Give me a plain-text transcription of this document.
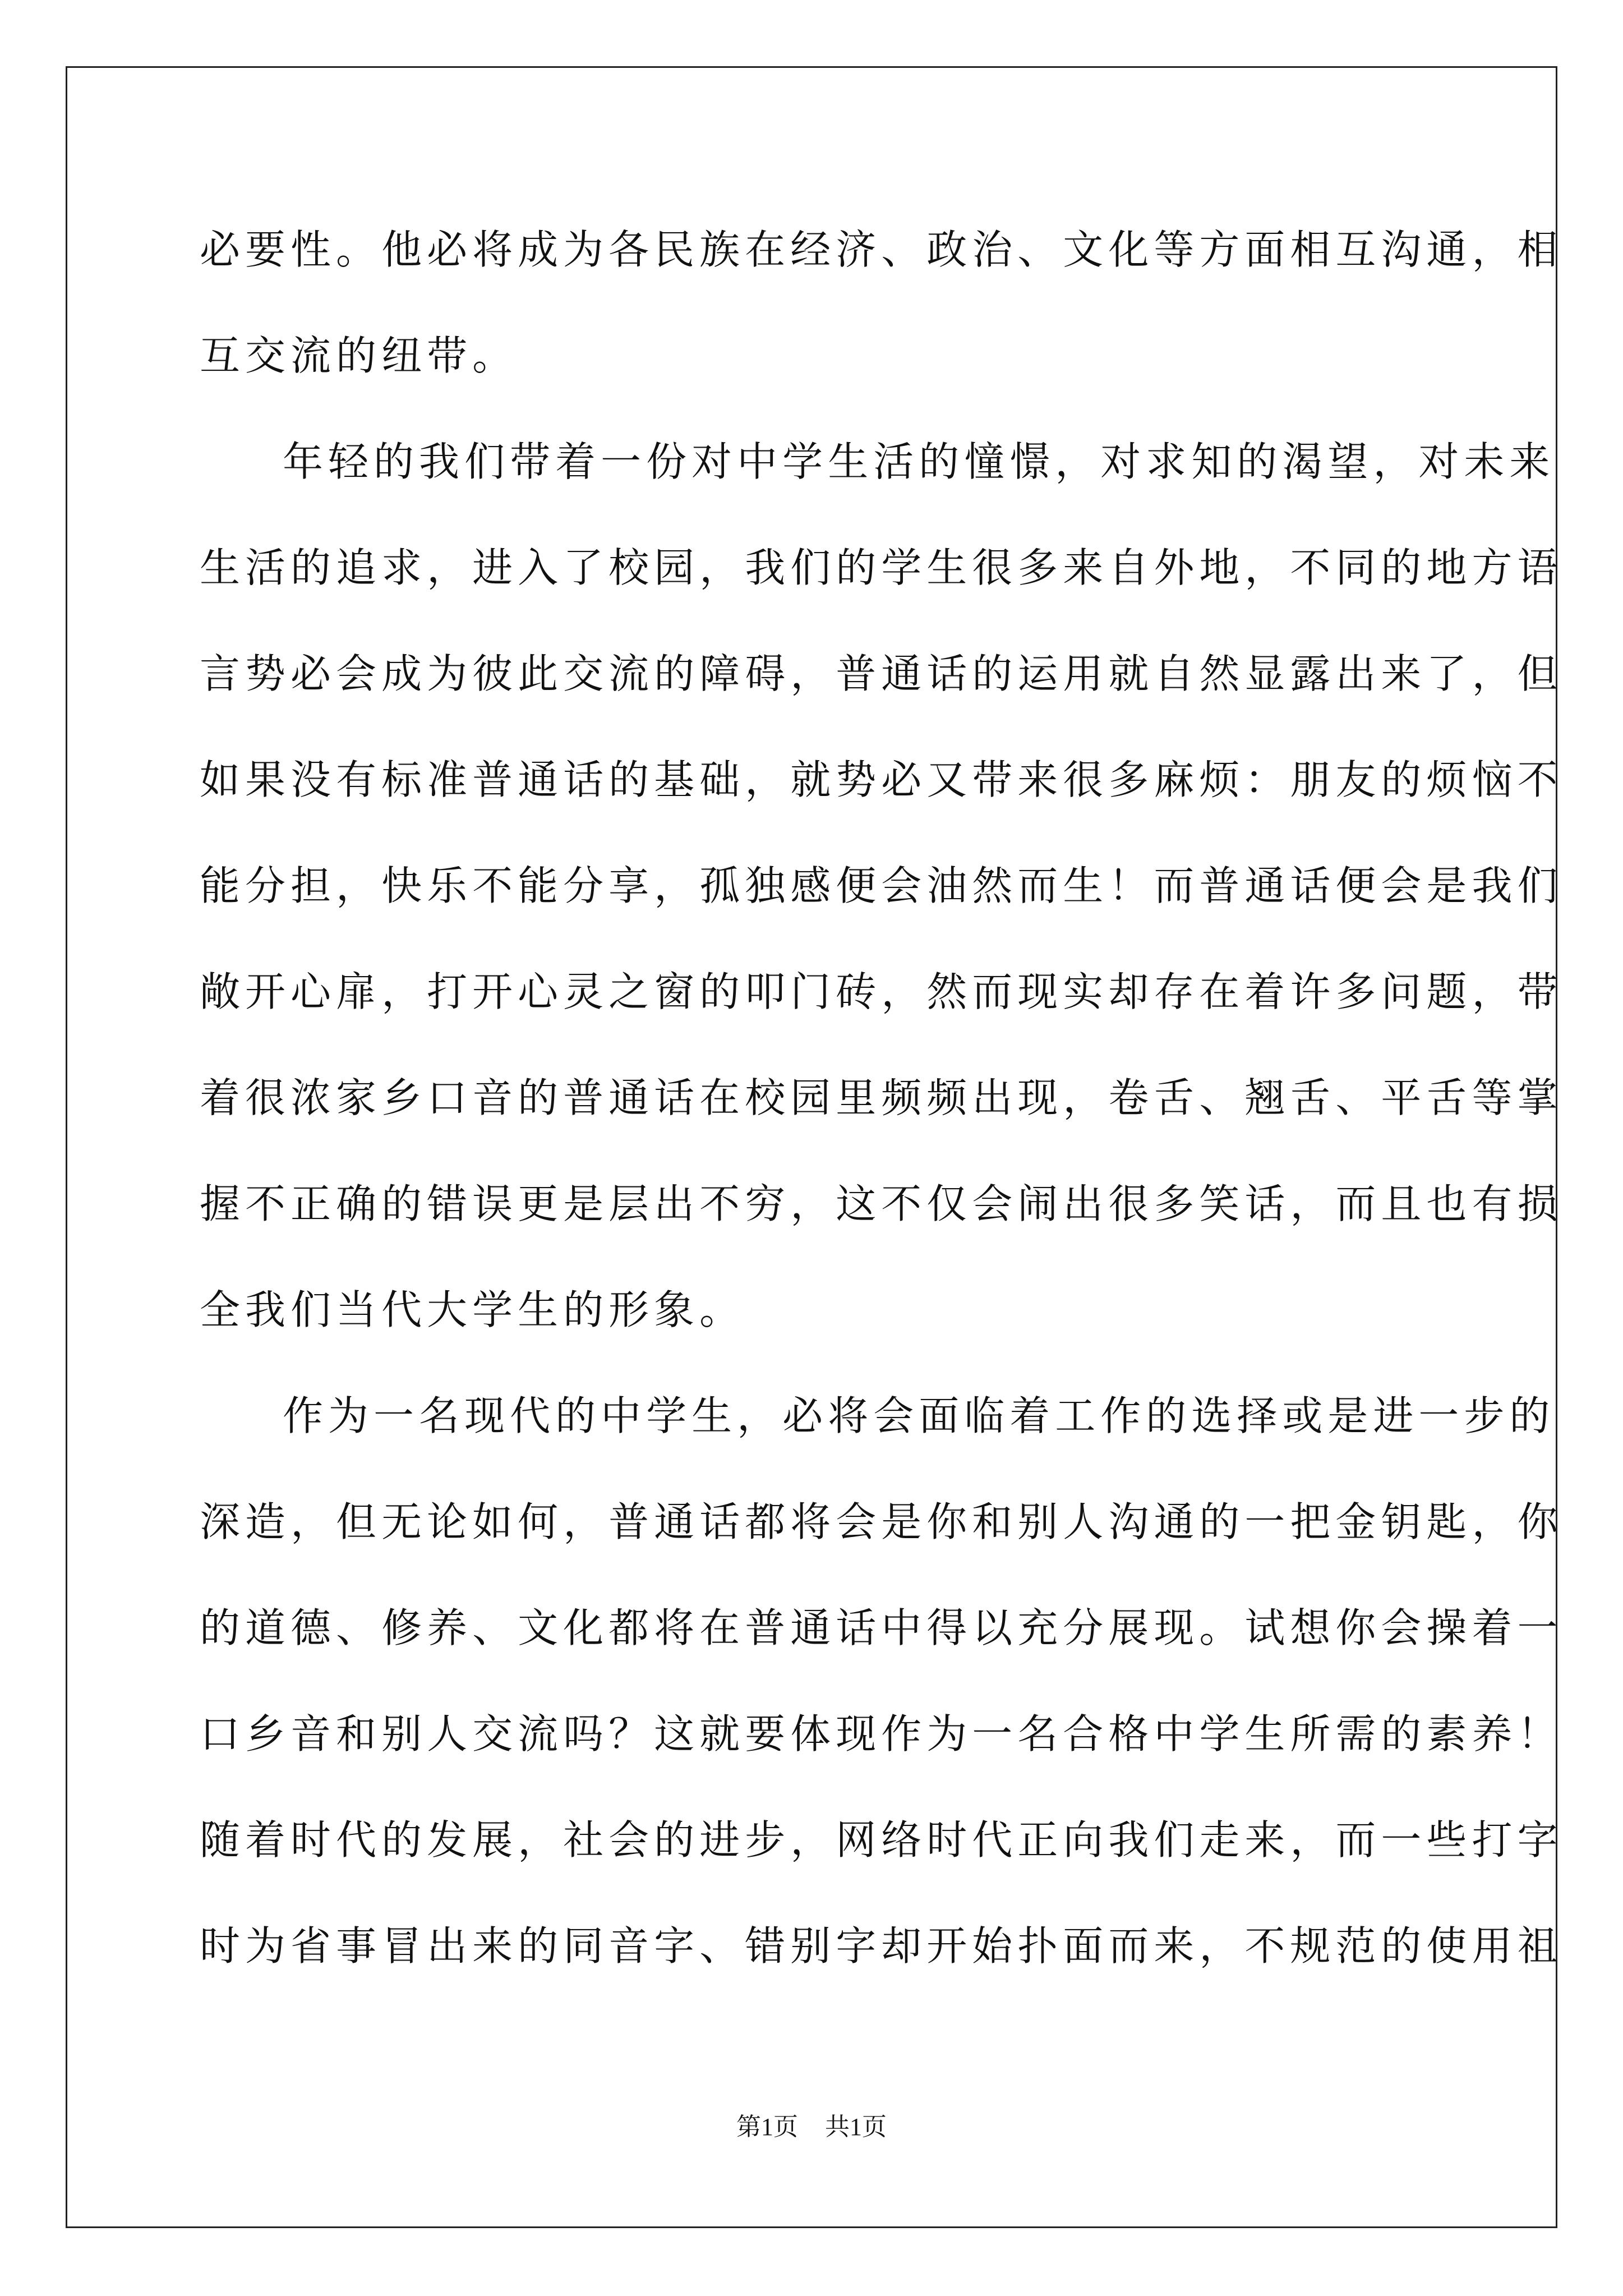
必 要 性 。 他 必 将 成 为 各 民 族 在 经 济 、 政 治 、 文 化 等 方 面 相 互 沟 通 ， 相
互 交 流 的 纽 带 。
年 轻 的 我 们 带 着 一 份 对 中 学 生 活 的 憧 憬 ， 对 求 知 的 渴 望 ， 对 未 来
生 活 的 追 求 ， 进 入 了 校 园 ， 我 们 的 学 生 很 多 来 自 外 地 ， 不 同 的 地 方 语
言 势 必 会 成 为 彼 此 交 流 的 障 碍 ， 普 通 话 的 运 用 就 自 然 显 露 出 来 了 ， 但
如 果 没 有 标 准 普 通 话 的 基 础 ， 就 势 必 又 带 来 很 多 麻 烦 ： 朋 友 的 烦 恼 不
能 分 担 ， 快 乐 不 能 分 享 ， 孤 独 感 便 会 油 然 而 生 ！ 而 普 通 话 便 会 是 我 们
敞 开 心 扉 ， 打 开 心 灵 之 窗 的 叩 门 砖 ， 然 而 现 实 却 存 在 着 许 多 问 题 ， 带
着 很 浓 家 乡 口 音 的 普 通 话 在 校 园 里 频 频 出 现 ， 卷 舌 、 翘 舌 、 平 舌 等 掌
握 不 正 确 的 错 误 更 是 层 出 不 穷 ， 这 不 仅 会 闹 出 很 多 笑 话 ， 而 且 也 有 损
全 我 们 当 代 大 学 生 的 形 象 。
作 为 一 名 现 代 的 中 学 生 ， 必 将 会 面 临 着 工 作 的 选 择 或 是 进 一 步 的
深 造 ， 但 无 论 如 何 ， 普 通 话 都 将 会 是 你 和 别 人 沟 通 的 一 把 金 钥 匙 ， 你
的 道 德 、 修 养 、 文 化 都 将 在 普 通 话 中 得 以 充 分 展 现 。 试 想 你 会 操 着 一
口 乡 音 和 别 人 交 流 吗 ？ 这 就 要 体 现 作 为 一 名 合 格 中 学 生 所 需 的 素 养 ！
随 着 时 代 的 发 展 ， 社 会 的 进 步 ， 网 络 时 代 正 向 我 们 走 来 ， 而 一 些 打 字
时 为 省 事 冒 出 来 的 同 音 字 、 错 别 字 却 开 始 扑 面 而 来 ， 不 规 范 的 使 用 祖
第1页 共1页
